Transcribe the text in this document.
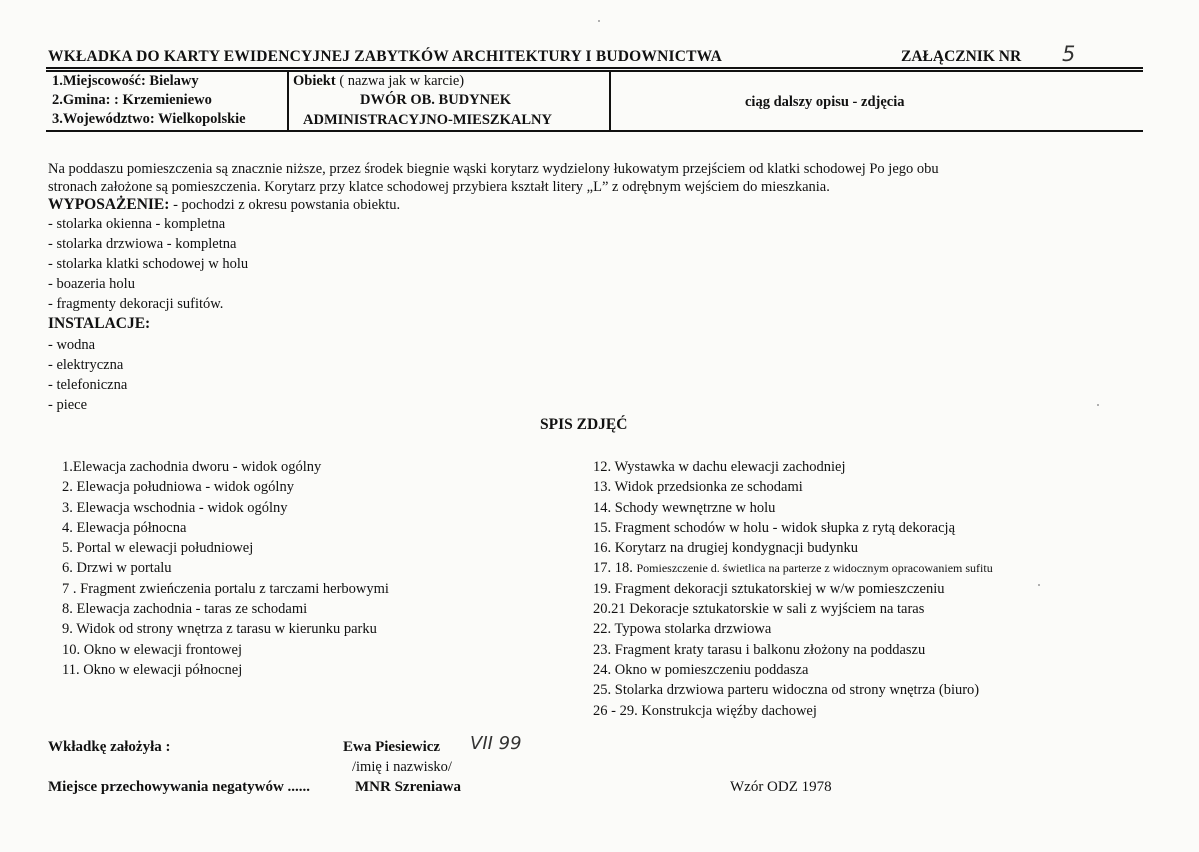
WKŁADKA DO KARTY EWIDENCYJNEJ ZABYTKÓW ARCHITEKTURY I BUDOWNICTWA	ZAŁĄCZNIK NR 5
1.Miejscowość: Bielawy
2.Gmina: : Krzemieniewo
3.Województwo: Wielkopolskie
Obiekt ( nazwa jak w karcie)
DWÓR OB. BUDYNEK
ADMINISTRACYJNO-MIESZKALNY
ciąg dalszy opisu - zdjęcia
Na poddaszu pomieszczenia są znacznie niższe, przez środek biegnie wąski korytarz wydzielony łukowatym przejściem od klatki schodowej Po jego obu
stronach założone są pomieszczenia. Korytarz przy klatce schodowej przybiera kształt litery „L” z odrębnym wejściem do mieszkania.
WYPOSAŻENIE: - pochodzi z okresu powstania obiektu.
- stolarka okienna - kompletna
- stolarka drzwiowa - kompletna
- stolarka klatki schodowej w holu
- boazeria holu
- fragmenty dekoracji sufitów.
INSTALACJE:
- wodna
- elektryczna
- telefoniczna
- piece
SPIS ZDJĘĆ
1.Elewacja zachodnia dworu - widok ogólny
2. Elewacja południowa - widok ogólny
3. Elewacja wschodnia - widok ogólny
4. Elewacja północna
5. Portal w elewacji południowej
6. Drzwi w portalu
7 . Fragment zwieńczenia portalu z tarczami herbowymi
8. Elewacja zachodnia - taras ze schodami
9. Widok od strony wnętrza z tarasu w kierunku parku
10. Okno w elewacji frontowej
11. Okno w elewacji północnej
12. Wystawka w dachu elewacji zachodniej
13. Widok przedsionka ze schodami
14. Schody wewnętrzne w holu
15. Fragment schodów w holu - widok słupka z rytą dekoracją
16. Korytarz na drugiej kondygnacji budynku
17. 18. Pomieszczenie d. świetlica na parterze z widocznym opracowaniem sufitu
19. Fragment dekoracji sztukatorskiej w w/w pomieszczeniu
20.21 Dekoracje sztukatorskie w sali z wyjściem na taras
22. Typowa stolarka drzwiowa
23. Fragment kraty tarasu i balkonu złożony na poddaszu
24. Okno w pomieszczeniu poddasza
25. Stolarka drzwiowa parteru widoczna od strony wnętrza (biuro)
26 - 29. Konstrukcja więźby dachowej
Wkładkę założyła :	Ewa Piesiewicz VII 99
/imię i nazwisko/
Miejsce przechowywania negatywów ......	MNR Szreniawa	Wzór ODZ 1978
